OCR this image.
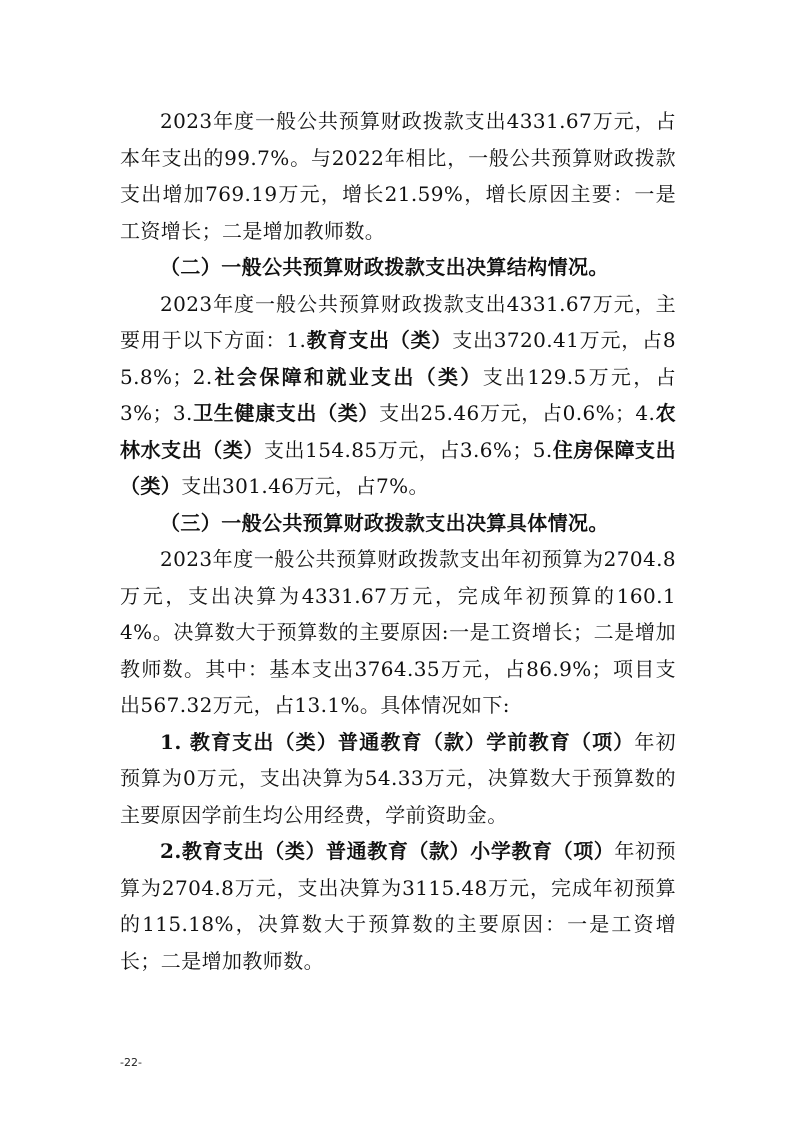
2023年度一般公共预算财政拨款支出4331.67万元，占本年支出的99.7%。与2022年相比，一般公共预算财政拨款支出增加769.19万元，增长21.59%，增长原因主要：一是工资增长；二是增加教师数。

（二）一般公共预算财政拨款支出决算结构情况。

2023年度一般公共预算财政拨款支出4331.67万元，主要用于以下方面：1.教育支出（类）支出3720.41万元，占85.8%；2.社会保障和就业支出（类）支出129.5万元，占3%；3.卫生健康支出（类）支出25.46万元，占0.6%；4.农林水支出（类）支出154.85万元，占3.6%；5.住房保障支出（类）支出301.46万元，占7%。

（三）一般公共预算财政拨款支出决算具体情况。

2023年度一般公共预算财政拨款支出年初预算为2704.8万元，支出决算为4331.67万元，完成年初预算的160.14%。决算数大于预算数的主要原因:一是工资增长；二是增加教师数。其中：基本支出3764.35万元，占86.9%；项目支出567.32万元，占13.1%。具体情况如下:

1. 教育支出（类）普通教育（款）学前教育（项）年初预算为0万元，支出决算为54.33万元，决算数大于预算数的主要原因学前生均公用经费，学前资助金。

2.教育支出（类）普通教育（款）小学教育（项）年初预算为2704.8万元，支出决算为3115.48万元，完成年初预算的115.18%，决算数大于预算数的主要原因：一是工资增长；二是增加教师数。

-22-
